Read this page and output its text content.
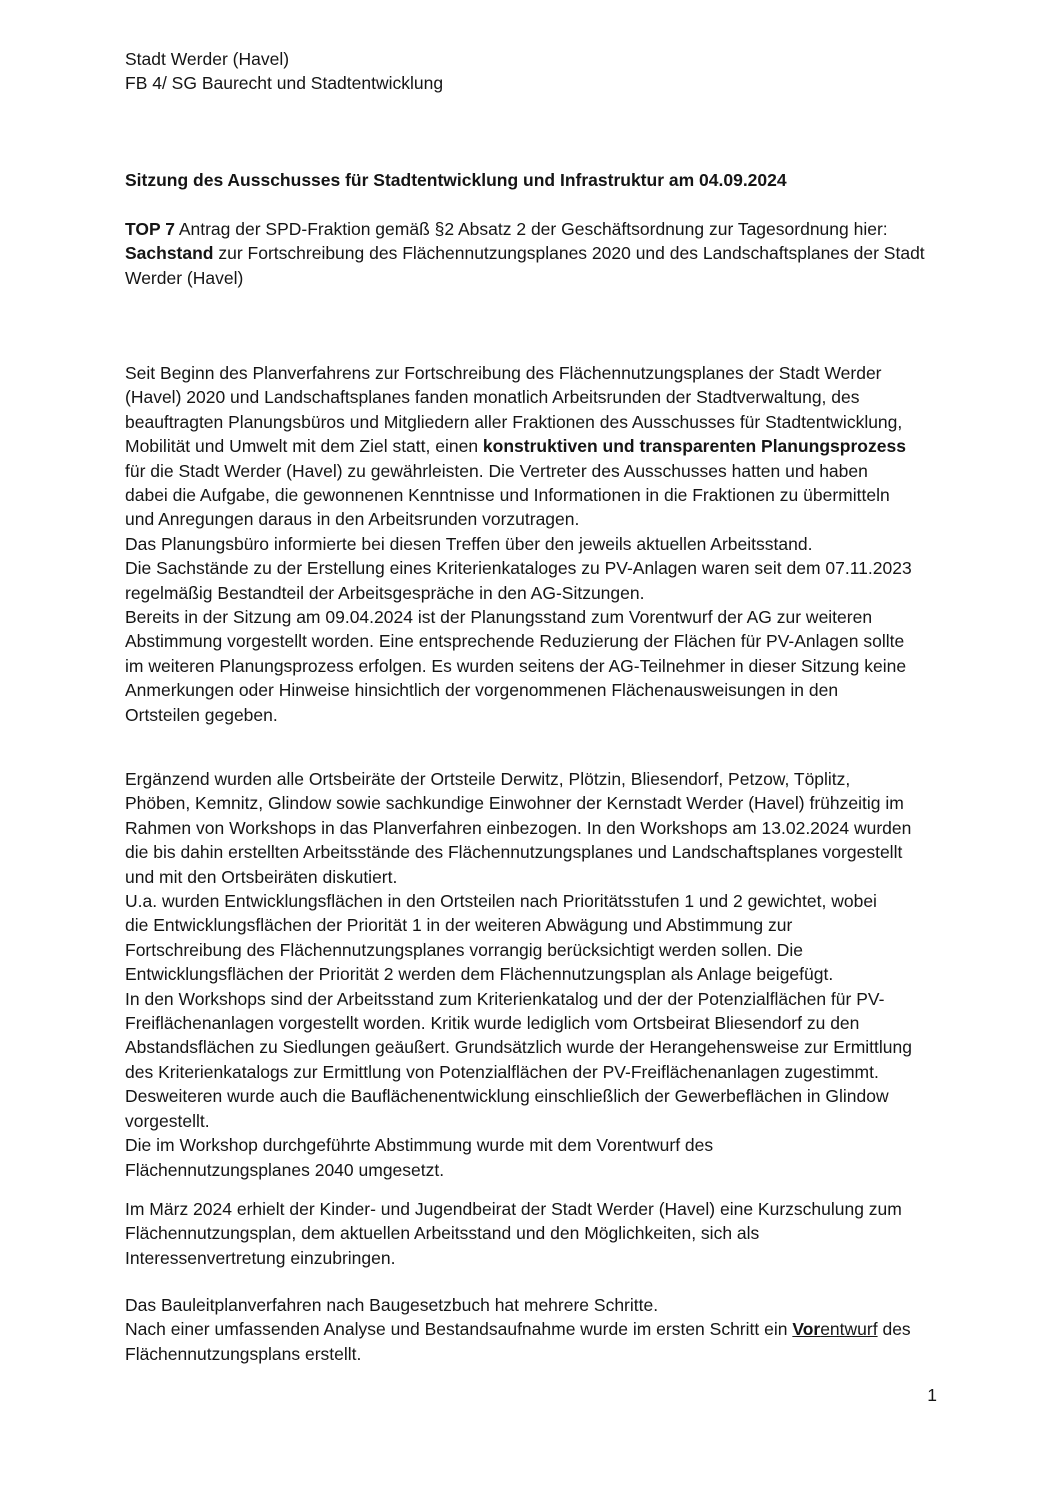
Stadt Werder (Havel)
FB 4/ SG Baurecht und Stadtentwicklung
Sitzung des Ausschusses für Stadtentwicklung und Infrastruktur am 04.09.2024
TOP 7 Antrag der SPD-Fraktion gemäß §2 Absatz 2 der Geschäftsordnung zur Tagesordnung hier:
Sachstand zur Fortschreibung des Flächennutzungsplanes 2020 und des Landschaftsplanes der Stadt
Werder (Havel)
Seit Beginn des Planverfahrens zur Fortschreibung des Flächennutzungsplanes der Stadt Werder
(Havel) 2020 und Landschaftsplanes fanden monatlich Arbeitsrunden der Stadtverwaltung, des
beauftragten Planungsbüros und Mitgliedern aller Fraktionen des Ausschusses für Stadtentwicklung,
Mobilität und Umwelt mit dem Ziel statt, einen konstruktiven und transparenten Planungsprozess
für die Stadt Werder (Havel) zu gewährleisten. Die Vertreter des Ausschusses hatten und haben
dabei die Aufgabe, die gewonnenen Kenntnisse und Informationen in die Fraktionen zu übermitteln
und Anregungen daraus in den Arbeitsrunden vorzutragen.
Das Planungsbüro informierte bei diesen Treffen über den jeweils aktuellen Arbeitsstand.
Die Sachstände zu der Erstellung eines Kriterienkataloges zu PV-Anlagen waren seit dem 07.11.2023
regelmäßig Bestandteil der Arbeitsgespräche in den AG-Sitzungen.
Bereits in der Sitzung am 09.04.2024 ist der Planungsstand zum Vorentwurf der AG zur weiteren
Abstimmung vorgestellt worden. Eine entsprechende Reduzierung der Flächen für PV-Anlagen sollte
im weiteren Planungsprozess erfolgen. Es wurden seitens der AG-Teilnehmer in dieser Sitzung keine
Anmerkungen oder Hinweise hinsichtlich der vorgenommenen Flächenausweisungen in den
Ortsteilen gegeben.
Ergänzend wurden alle Ortsbeiräte der Ortsteile Derwitz, Plötzin, Bliesendorf, Petzow, Töplitz,
Phöben, Kemnitz, Glindow sowie sachkundige Einwohner der Kernstadt Werder (Havel) frühzeitig im
Rahmen von Workshops in das Planverfahren einbezogen. In den Workshops am 13.02.2024 wurden
die bis dahin erstellten Arbeitsstände des Flächennutzungsplanes und Landschaftsplanes vorgestellt
und mit den Ortsbeiräten diskutiert.
U.a. wurden Entwicklungsflächen in den Ortsteilen nach Prioritätsstufen 1 und 2 gewichtet, wobei
die Entwicklungsflächen der Priorität 1 in der weiteren Abwägung und Abstimmung zur
Fortschreibung des Flächennutzungsplanes vorrangig berücksichtigt werden sollen. Die
Entwicklungsflächen der Priorität 2 werden dem Flächennutzungsplan als Anlage beigefügt.
In den Workshops sind der Arbeitsstand zum Kriterienkatalog und der der Potenzialflächen für PV-
Freiflächenanlagen vorgestellt worden. Kritik wurde lediglich vom Ortsbeirat Bliesendorf zu den
Abstandsflächen zu Siedlungen geäußert. Grundsätzlich wurde der Herangehensweise zur Ermittlung
des Kriterienkatalogs zur Ermittlung von Potenzialflächen der PV-Freiflächenanlagen zugestimmt.
Desweiteren wurde auch die Bauflächenentwicklung einschließlich der Gewerbeflächen in Glindow
vorgestellt.
Die im Workshop durchgeführte Abstimmung wurde mit dem Vorentwurf des
Flächennutzungsplanes 2040 umgesetzt.
Im März 2024 erhielt der Kinder- und Jugendbeirat der Stadt Werder (Havel) eine Kurzschulung zum
Flächennutzungsplan, dem aktuellen Arbeitsstand und den Möglichkeiten, sich als
Interessenvertretung einzubringen.
Das Bauleitplanverfahren nach Baugesetzbuch hat mehrere Schritte.
Nach einer umfassenden Analyse und Bestandsaufnahme wurde im ersten Schritt ein Vorentwurf des
Flächennutzungsplans erstellt.
1
